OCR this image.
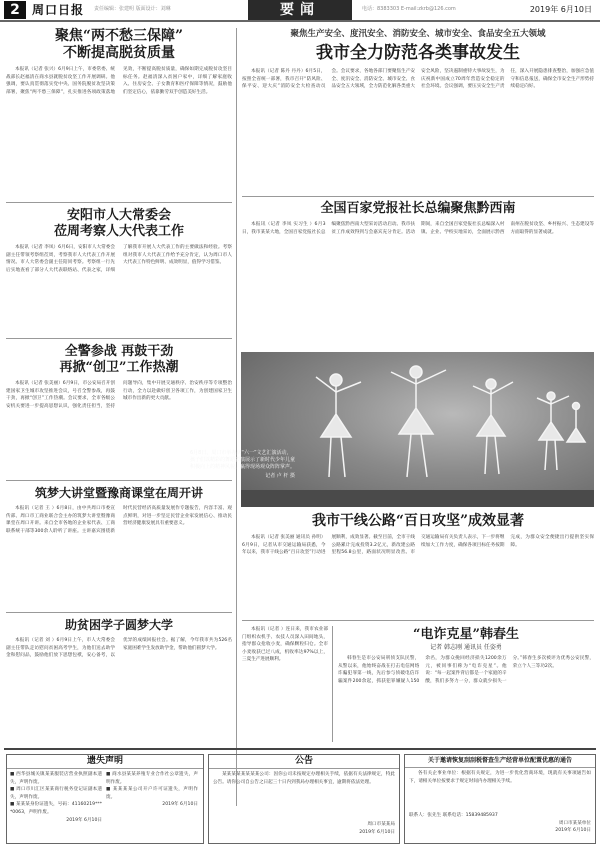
2	周口日报 责任编辑：张建明 版面设计：刘琳	要闻	电话：8383303 E-mail:zkrb@126.com	2019年 6月10日
聚焦“两不愁三保障”
不断提高脱贫质量

本报讯（记者 张兴）6月9日上午，市委常委、统战部长赵福清在商水县就脱贫攻坚工作开展调研。他强调，要认真贯彻落实党中央、国务院脱贫攻坚决策部署，聚焦“两不愁三保障”，扎实推进各项政策落地见效，不断提高脱贫质量，确保如期完成脱贫攻坚目标任务。赵福清深入贫困户家中，详细了解家庭收入、住房安全、子女教育和医疗保障等情况，鼓励他们坚定信心，依靠勤劳双手创造美好生活。

安阳市人大常委会
莅周考察人大代表工作

本报讯（记者 李凤）6月6日，安阳市人大常委会副主任带领考察组莅周，考察我市人大代表工作开展情况。市人大常委会副主任陪同考察。考察组一行先后实地查看了部分人大代表联络站、代表之家，详细了解我市开展人大代表工作的主要做法和经验。考察组对我市人大代表工作给予充分肯定，认为周口市人大代表工作特色鲜明、成效明显，值得学习借鉴。

全警参战 再鼓干劲
再掀“创卫”工作热潮

本报讯（记者 张美丽）6月9日，市公安局召开创建国家卫生城市攻坚推进会议，号召全警参战，再鼓干劲，再掀“创卫”工作热潮。会议要求，全市各级公安机关要进一步提高思想认识，强化责任担当，坚持问题导向，集中开展交通秩序、治安秩序等专项整治行动，全力以赴做好创卫各项工作，为创建国家卫生城市作出新的更大贡献。

筑梦大讲堂暨豫商课堂在周开讲

本报讯（记者 王 ）6月8日，由中共周口市委宣传部、周口市工商业联合会主办的筑梦大讲堂暨豫商课堂在周口开讲。来自全市各地的企业家代表、工商联系统干部等300余人聆听了讲座。主讲嘉宾围绕新时代民营经济高质量发展作专题报告，内容丰富、观点鲜明，对进一步坚定民营企业家发展信心、推动民营经济健康发展具有重要意义。

助贫困学子圆梦大学

本报讯（记者 刘 ）6月9日上午，市人大常委会副主任带队走访慰问贫困高考学生，为他们送去助学金和慰问品，鼓励他们放下思想包袱，安心备考，以优异的成绩回报社会。据了解，今年我市共为526名家庭困难学生发放助学金，帮助他们圆梦大学。

聚焦生产安全、度汛安全、消防安全、城市安全、食品安全五大领域
我市全力防范各类事故发生

本报讯（记者 陈丹 丹丹）6月5日，按照全省统一部署，我市召开“防风险、保平安、迎大庆”消防安全大检查动员会。会议要求，各地各部门要聚焦生产安全、度汛安全、消防安全、城市安全、食品安全五大领域，全力防范化解各类重大安全风险，坚决遏制重特大事故发生，为庆祝新中国成立70周年营造安全稳定的社会环境。会议强调，要压实安全生产责任，深入开展隐患排查整治，加强应急值守和信息报送，确保全市安全生产形势持续稳定向好。

全国百家党报社长总编聚焦黔西南

本报讯（记者 李凤 实习生 ）6月3日，我市某某大地，全国百家党报社长总编聚焦黔西南大型采访活动启动。我市扶贫工作成效得到与会嘉宾充分肯定。活动期间，来自全国百家党报社长总编深入村镇、企业、学校实地采访，全面展示黔西南州在脱贫攻坚、乡村振兴、生态建设等方面取得的显著成就。

6月8日，周口市举办庆“六一”文艺汇演活动，孩子们以精彩的舞蹈表演展示了新时代少年儿童积极向上的精神风貌，赢得现场观众阵阵掌声。
记者 卢 杆 摄
我市干线公路“百日攻坚”成效显著

本报讯（记者 张美丽 通讯员 孙明）6月9日，记者从市交通运输局获悉，今年以来，我市干线公路“百日攻坚”行动进展顺利，成效显著。截至目前，全市干线公路累计完成投资3.2亿元，新改建公路里程56.8公里，路面状况明显改善。市交通运输局有关负责人表示，下一步将继续加大工作力度，确保各项目标任务按期完成，为群众安全便捷出行提供坚实保障。

本报讯（记者 ）连日来，我市农业部门组织农机手、农技人员深入田间地头，指导群众抢收小麦，确保颗粒归仓。全市小麦收获已过八成，机收率达97%以上，三夏生产进展顺利。

“电诈克星”韩春生
记者 韩志刚 通讯员 任姿勇

韩春生是市公安局刑侦支队民警，从警以来，他始终奋战在打击电信网络诈骗犯罪第一线，先后参与侦破电信诈骗案件200余起，抓获犯罪嫌疑人150余名，为群众挽回经济损失1200余万元，被同事们称为“电诈克星”。他说：“每一起案件背后都是一个家庭的辛酸，我们多努力一分，群众就少损失一分。”韩春生多次被评为优秀公安民警，荣立个人三等功2次。

遗失声明
■ 西华县城关镇某某服装店营业执照副本遗失，声明作废。
■ 周口市川汇区某某商行税务登记证副本遗失，声明作废。
■ 某某某身份证遗失，号码：41160219****0063，声明作废。
2019年 6月10日
■ 商水县某某养殖专业合作社公章遗失，声明作废。
■ 某某某某公司开户许可证遗失，声明作废。
2019年 6月10日
公告

某某某某某某某某公司：因你公司未按规定办理相关手续，依据有关法律规定，特此公告。请你公司自公告之日起三十日内到我局办理相关事宜，逾期将依法处理。

周口市某某局
2019年 6月10日
关于邀请恢复刮刮税督查生产经营单位配置优惠的通告

各有关企事业单位：根据有关规定，为进一步优化营商环境，现就有关事项通告如下，请相关单位按要求于规定时间内办理相关手续。

联系人：张先生 联系电话：15839485937
周口市某某单位
2019年 6月10日
